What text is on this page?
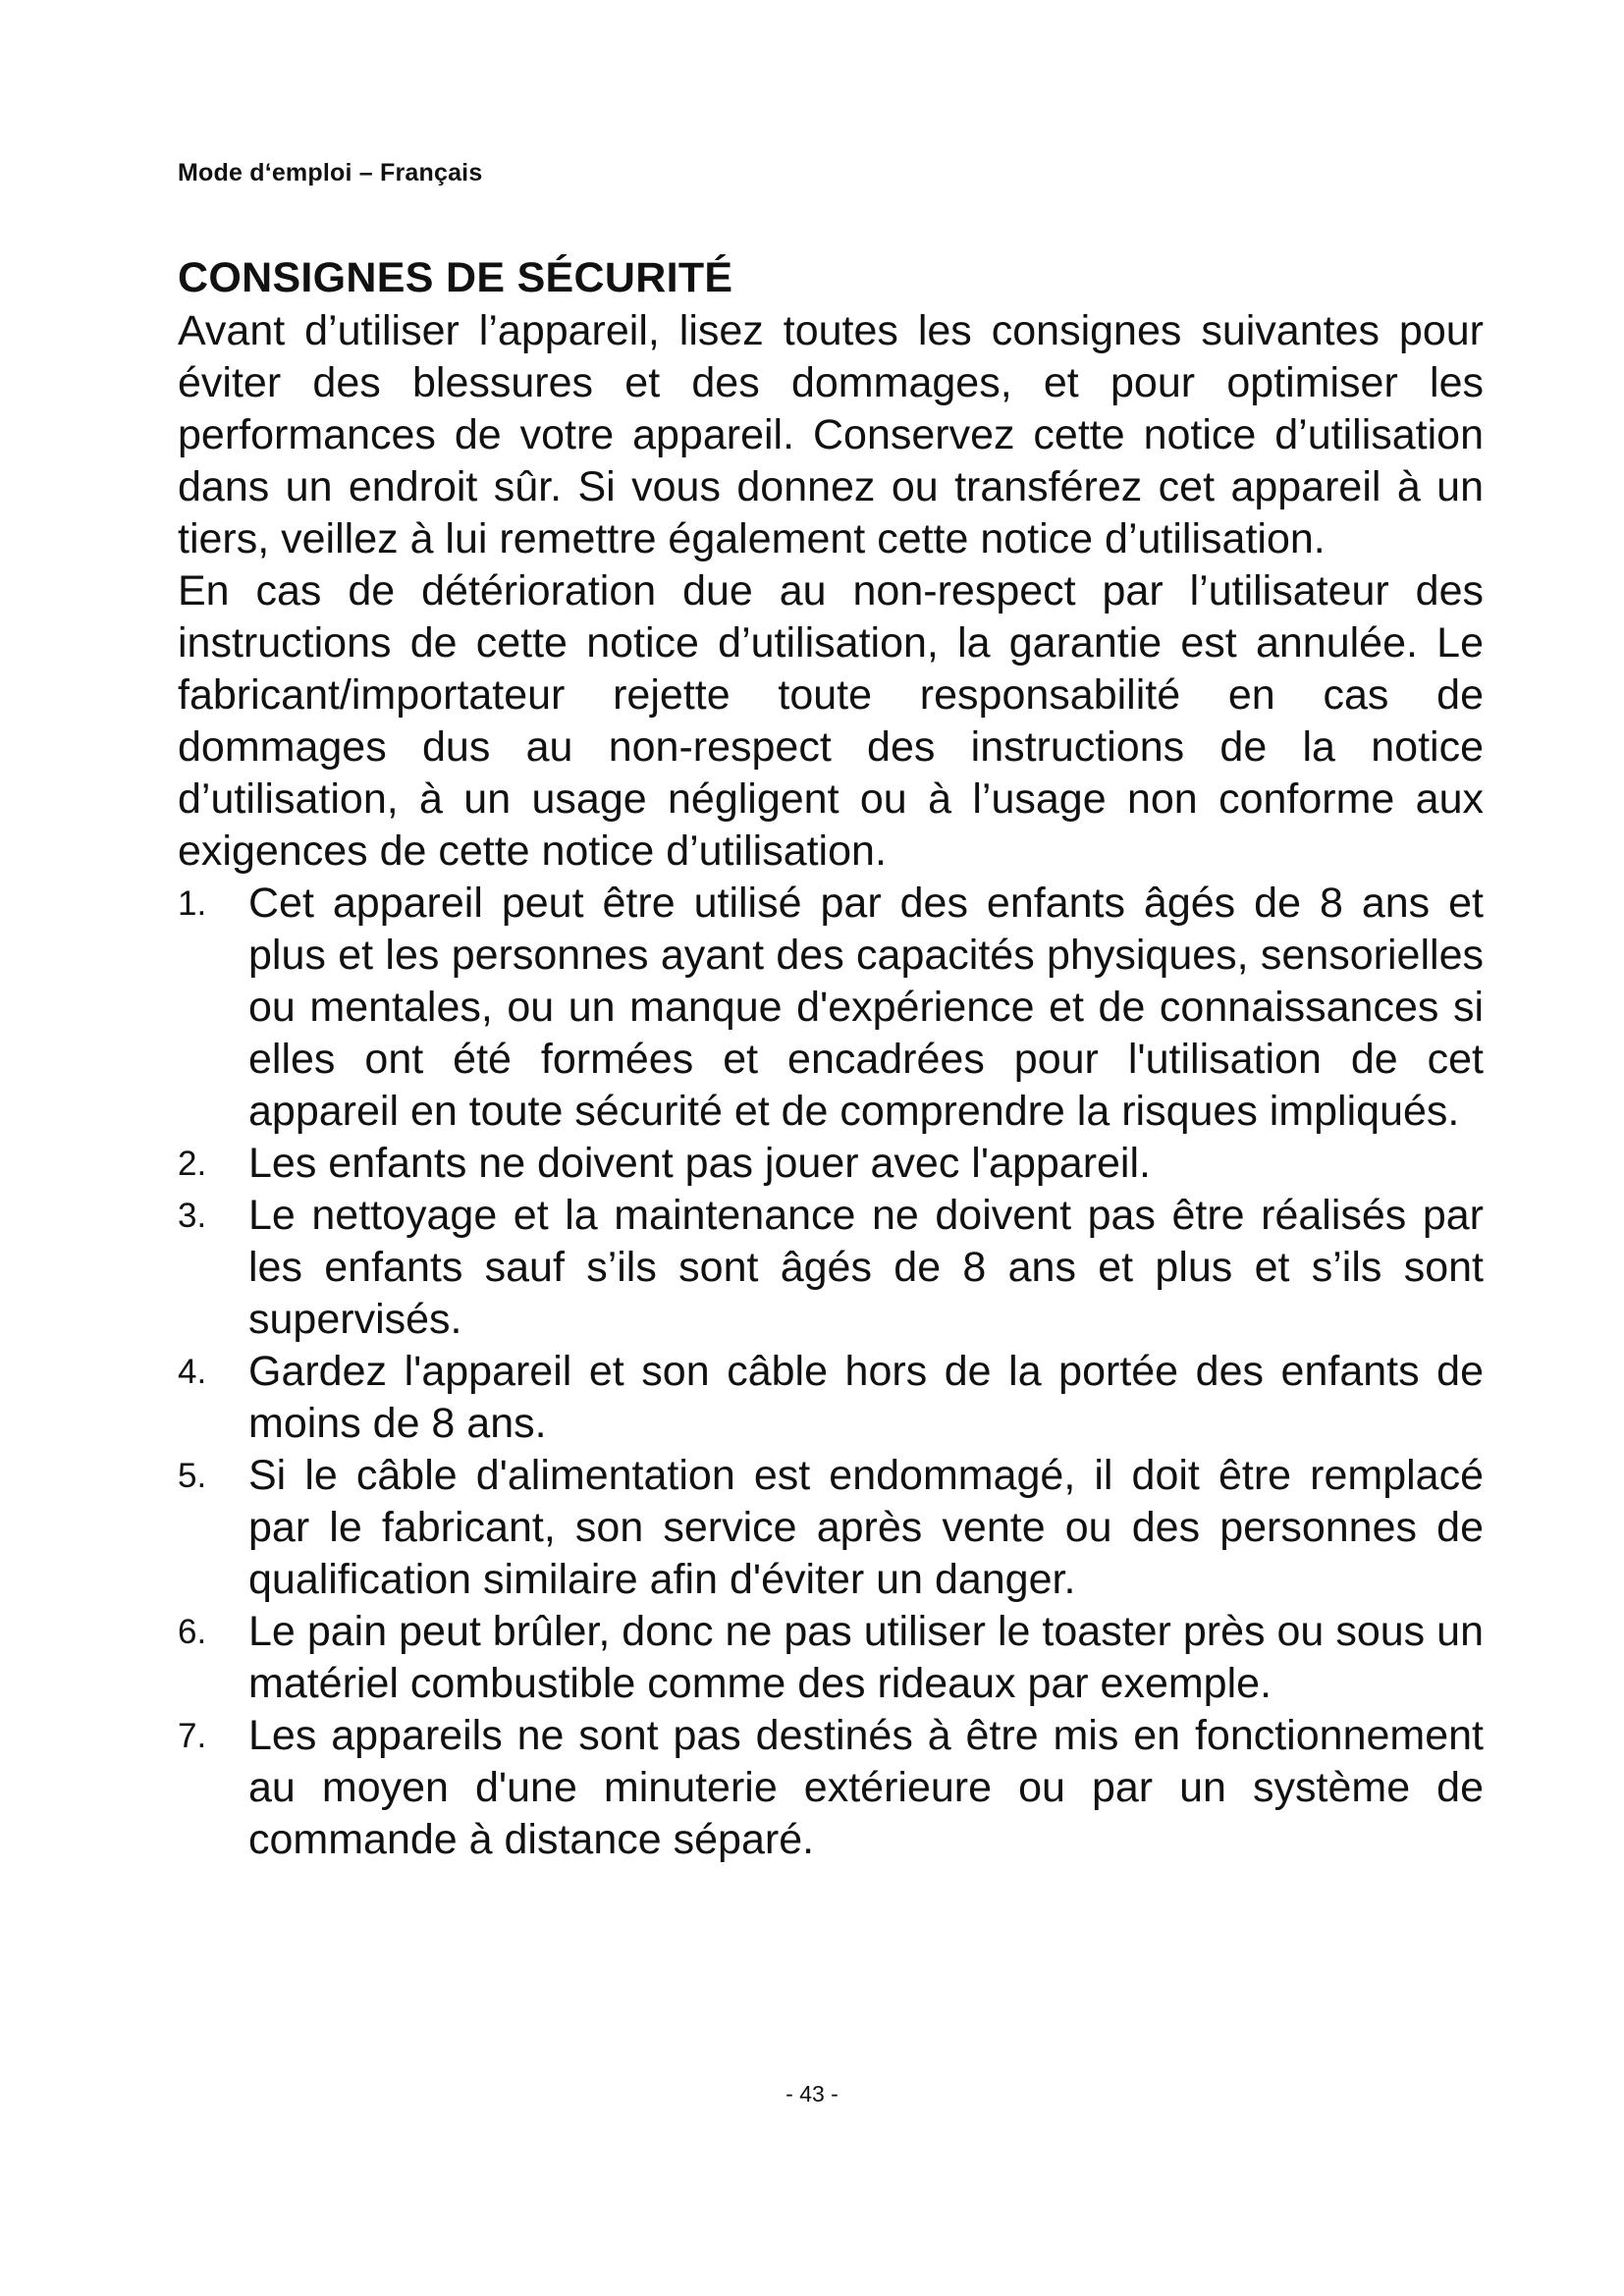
Mode d‘emploi – Français
CONSIGNES DE SÉCURITÉ

Avant d’utiliser l’appareil, lisez toutes les consignes suivantes pour éviter des blessures et des dommages, et pour optimiser les performances de votre appareil. Conservez cette notice d’utilisation dans un endroit sûr. Si vous donnez ou transférez cet appareil à un tiers, veillez à lui remettre également cette notice d’utilisation.

En cas de détérioration due au non-respect par l’utilisateur des instructions de cette notice d’utilisation, la garantie est annulée. Le fabricant/importateur rejette toute responsabilité en cas de dommages dus au non-respect des instructions de la notice d’utilisation, à un usage négligent ou à l’usage non conforme aux exigences de cette notice d’utilisation.

1. Cet appareil peut être utilisé par des enfants âgés de 8 ans et plus et les personnes ayant des capacités physiques, sensorielles ou mentales, ou un manque d'expérience et de connaissances si elles ont été formées et encadrées pour l'utilisation de cet appareil en toute sécurité et de comprendre la risques impliqués.
2. Les enfants ne doivent pas jouer avec l'appareil.
3. Le nettoyage et la maintenance ne doivent pas être réalisés par les enfants sauf s’ils sont âgés de 8 ans et plus et s’ils sont supervisés.
4. Gardez l'appareil et son câble hors de la portée des enfants de moins de 8 ans.
5. Si le câble d'alimentation est endommagé, il doit être remplacé par le fabricant, son service après vente ou des personnes de qualification similaire afin d'éviter un danger.
6. Le pain peut brûler, donc ne pas utiliser le toaster près ou sous un matériel combustible comme des rideaux par exemple.
7. Les appareils ne sont pas destinés à être mis en fonctionnement au moyen d'une minuterie extérieure ou par un système de commande à distance séparé.
- 43 -
